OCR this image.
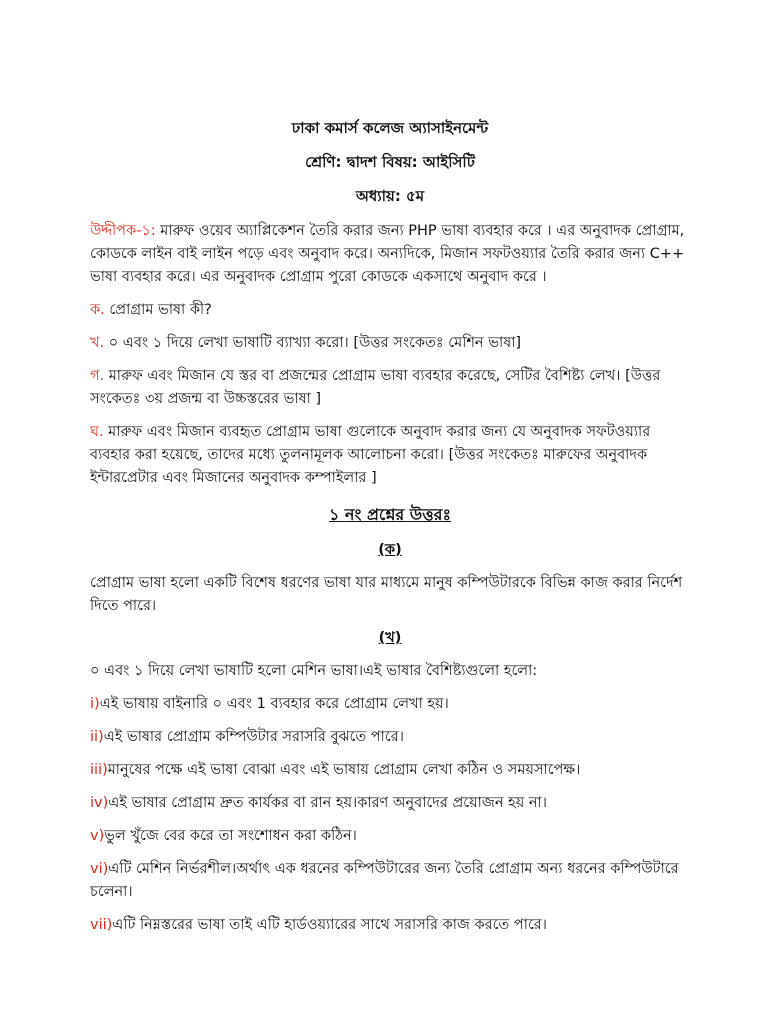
ঢাকা কমার্স কলেজ অ্যাসাইনমেন্ট
শ্রেণি: দ্বাদশ বিষয়: আইসিটি
অধ্যায়: ৫ম

উদ্দীপক-১: মারুফ ওয়েব অ্যাপ্লিকেশন তৈরি করার জন্য PHP ভাষা ব্যবহার করে । এর অনুবাদক প্রোগ্রাম, কোডকে লাইন বাই লাইন পড়ে এবং অনুবাদ করে। অন্যদিকে, মিজান সফটওয়্যার তৈরি করার জন্য C++ ভাষা ব্যবহার করে। এর অনুবাদক প্রোগ্রাম পুরো কোডকে একসাথে অনুবাদ করে ।

ক. প্রোগ্রাম ভাষা কী?

খ. ০ এবং ১ দিয়ে লেখা ভাষাটি ব্যাখ্যা করো। [উত্তর সংকেতঃ মেশিন ভাষা]

গ. মারুফ এবং মিজান যে স্তর বা প্রজন্মের প্রোগ্রাম ভাষা ব্যবহার করেছে, সেটির বৈশিষ্ট্য লেখ। [উত্তর সংকেতঃ ৩য় প্রজন্ম বা উচ্চস্তরের ভাষা ]

ঘ. মারুফ এবং মিজান ব্যবহৃত প্রোগ্রাম ভাষা গুলোকে অনুবাদ করার জন্য যে অনুবাদক সফটওয়্যার ব্যবহার করা হয়েছে, তাদের মধ্যে তুলনামূলক আলোচনা করো। [উত্তর সংকেতঃ মারুফের অনুবাদক ইন্টারপ্রেটার এবং মিজানের অনুবাদক কম্পাইলার ]

১ নং প্রশ্নের উত্তরঃ
(ক)

প্রোগ্রাম ভাষা হলো একটি বিশেষ ধরণের ভাষা যার মাধ্যমে মানুষ কম্পিউটারকে বিভিন্ন কাজ করার নির্দেশ দিতে পারে।

(খ)

০ এবং ১ দিয়ে লেখা ভাষাটি হলো মেশিন ভাষা।এই ভাষার বৈশিষ্ট্যগুলো হলো:

i)এই ভাষায় বাইনারি ০ এবং 1 ব্যবহার করে প্রোগ্রাম লেখা হয়।

ii)এই ভাষার প্রোগ্রাম কম্পিউটার সরাসরি বুঝতে পারে।

iii)মানুষের পক্ষে এই ভাষা বোঝা এবং এই ভাষায় প্রোগ্রাম লেখা কঠিন ও সময়সাপেক্ষ।

iv)এই ভাষার প্রোগ্রাম দ্রুত কার্যকর বা রান হয়।কারণ অনুবাদের প্রয়োজন হয় না।

v)ভুল খুঁজে বের করে তা সংশোধন করা কঠিন।

vi)এটি মেশিন নির্ভরশীল।অর্থাৎ এক ধরনের কম্পিউটারের জন্য তৈরি প্রোগ্রাম অন্য ধরনের কম্পিউটারে চলেনা।

vii)এটি নিম্নস্তরের ভাষা তাই এটি হার্ডওয়্যারের সাথে সরাসরি কাজ করতে পারে।
